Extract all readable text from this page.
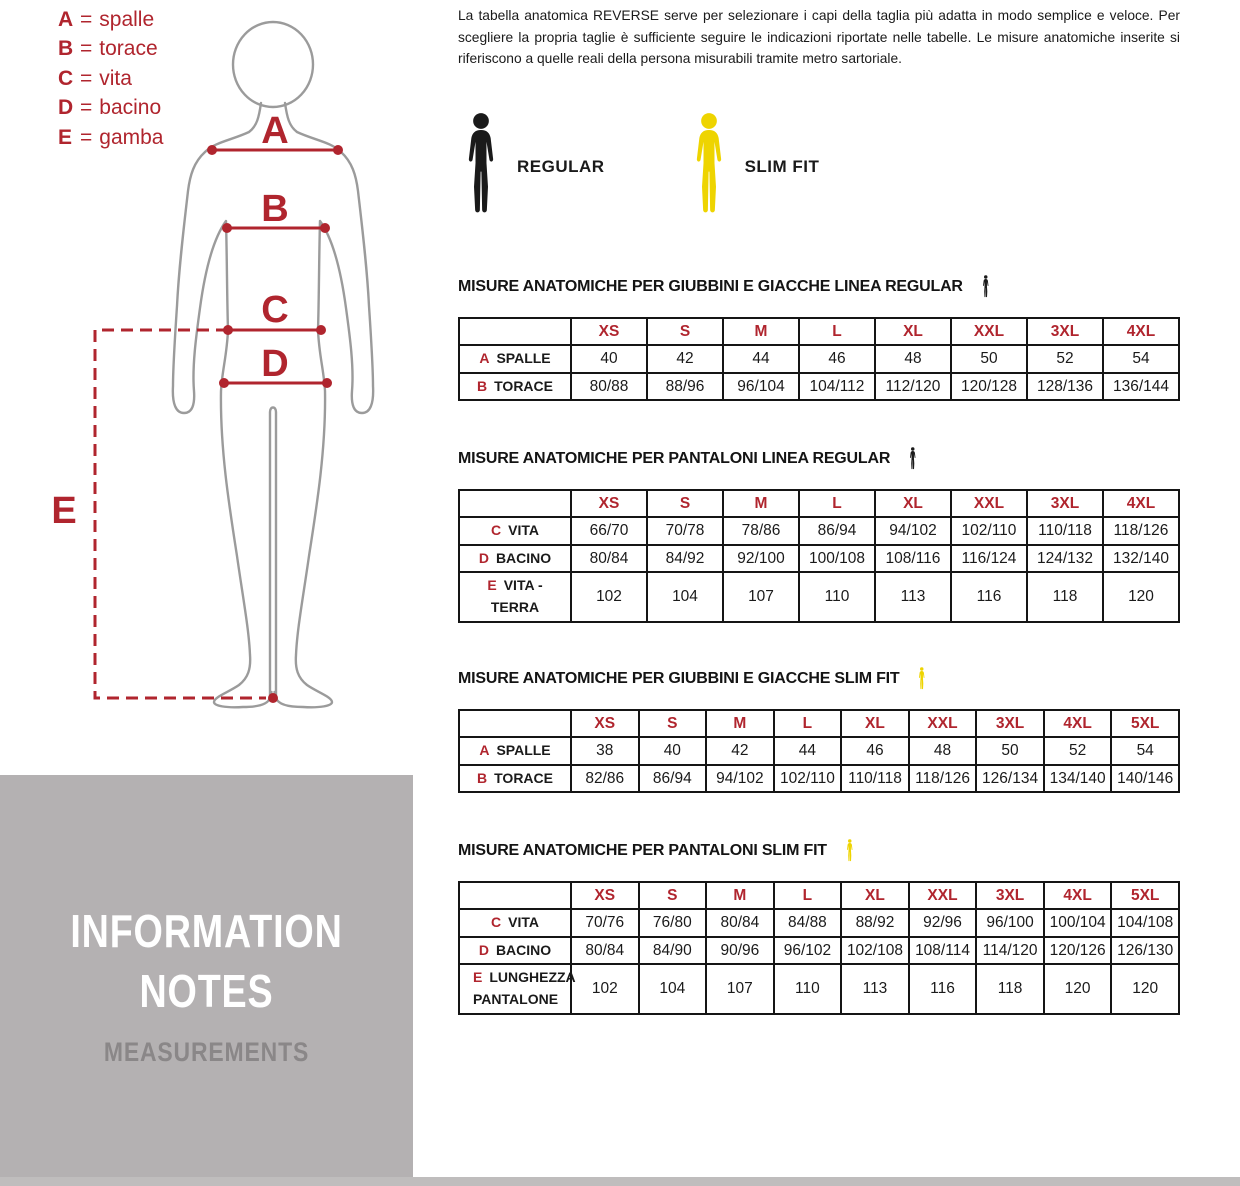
A = spalle
B = torace
C = vita
D = bacino
E = gamba	A
B
C
D
E
INFORMATION
NOTES
MEASUREMENTS

La tabella anatomica REVERSE serve per selezionare i capi della taglia più adatta in modo semplice e veloce. Per scegliere la propria taglie è sufficiente seguire le indicazioni riportate nelle tabelle. Le misure anatomiche inserite si riferiscono a quelle reali della persona misurabili tramite metro sartoriale.

REGULAR	SLIM FIT
MISURE ANATOMICHE PER GIUBBINI E GIACCHE LINEA REGULAR
	XS	S	M	L	XL	XXL	3XL	4XL
A SPALLE	40	42	44	46	48	50	52	54
B TORACE	80/88	88/96	96/104	104/112	112/120	120/128	128/136	136/144
MISURE ANATOMICHE PER PANTALONI LINEA REGULAR
	XS	S	M	L	XL	XXL	3XL	4XL
C VITA	66/70	70/78	78/86	86/94	94/102	102/110	110/118	118/126
D BACINO	80/84	84/92	92/100	100/108	108/116	116/124	124/132	132/140
E VITA - TERRA	102	104	107	110	113	116	118	120
MISURE ANATOMICHE PER GIUBBINI E GIACCHE SLIM FIT
	XS	S	M	L	XL	XXL	3XL	4XL	5XL
A SPALLE	38	40	42	44	46	48	50	52	54
B TORACE	82/86	86/94	94/102	102/110	110/118	118/126	126/134	134/140	140/146
MISURE ANATOMICHE PER PANTALONI SLIM FIT
	XS	S	M	L	XL	XXL	3XL	4XL	5XL
C VITA	70/76	76/80	80/84	84/88	88/92	92/96	96/100	100/104	104/108
D BACINO	80/84	84/90	90/96	96/102	102/108	108/114	114/120	120/126	126/130
E LUNGHEZZA PANTALONE	102	104	107	110	113	116	118	120	120
